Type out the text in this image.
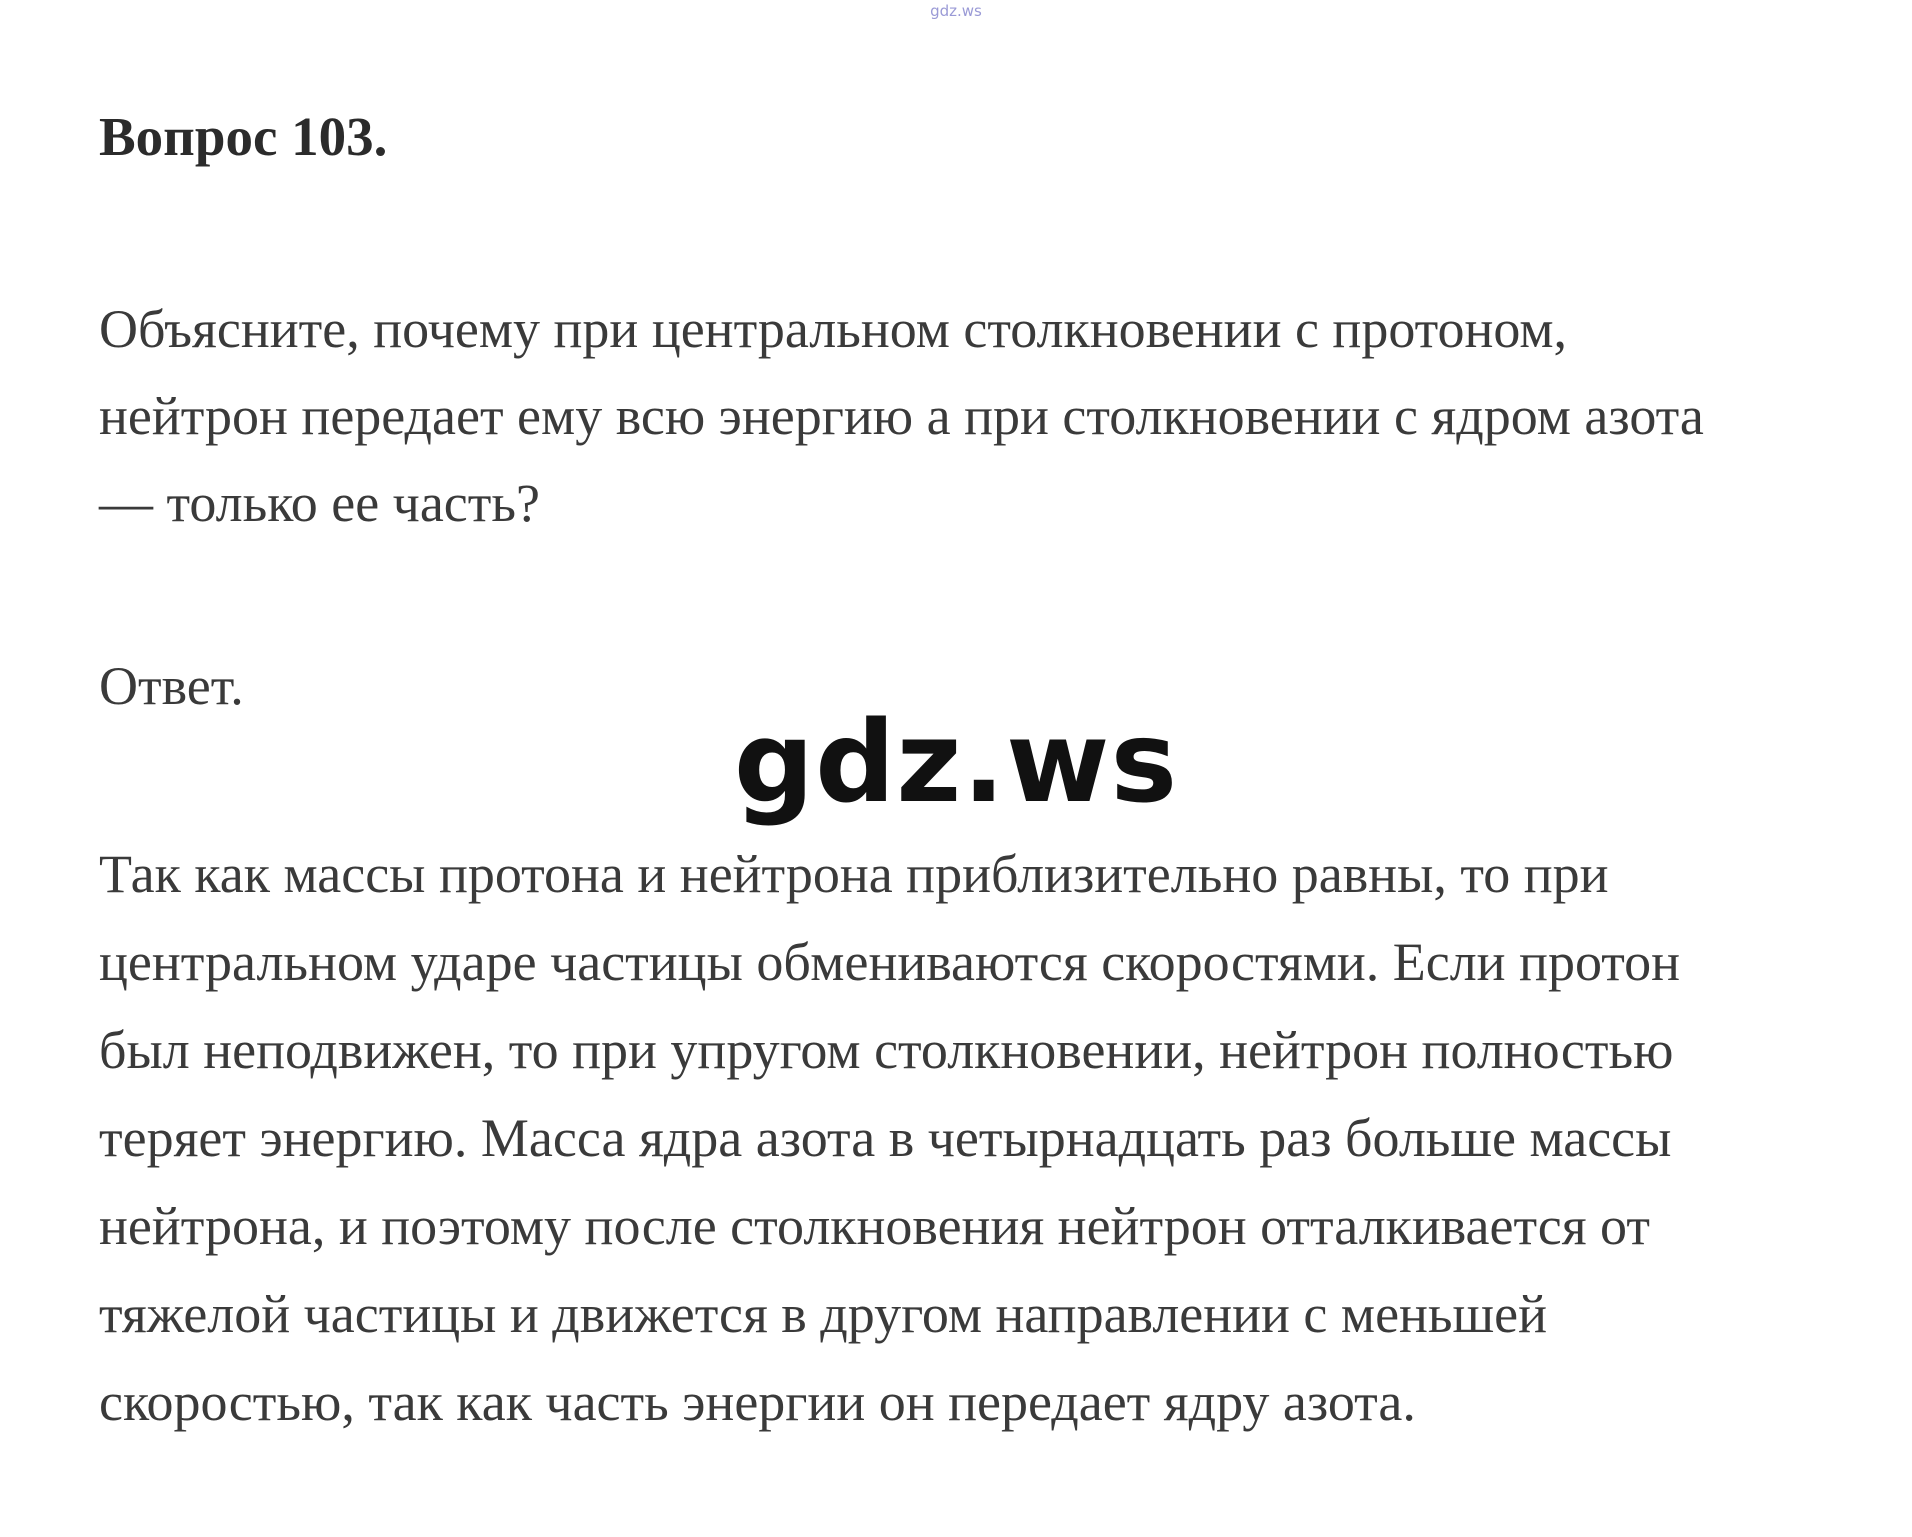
gdz.ws
Вопрос 103.

Объясните, почему при центральном столкновении с протоном,
нейтрон передает ему всю энергию а при столкновении с ядром азота
— только ее часть?

Ответ.

Так как массы протона и нейтрона приблизительно равны, то при
центральном ударе частицы обмениваются скоростями. Если протон
был неподвижен, то при упругом столкновении, нейтрон полностью
теряет энергию. Масса ядра азота в четырнадцать раз больше массы
нейтрона, и поэтому после столкновения нейтрон отталкивается от
тяжелой частицы и движется в другом направлении с меньшей
скоростью, так как часть энергии он передает ядру азота.

gdz.ws
